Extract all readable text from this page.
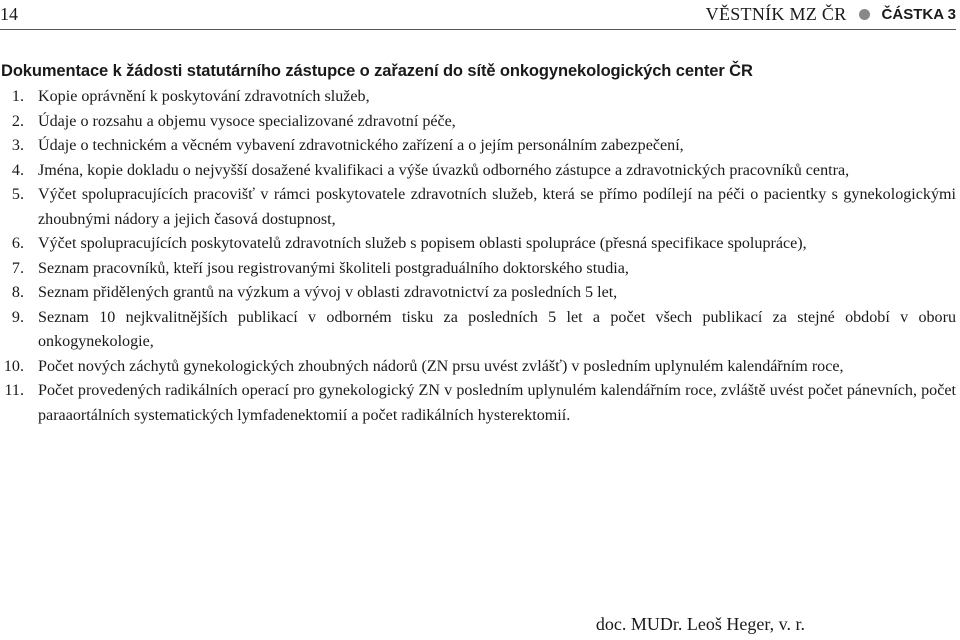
14	VĚSTNÍK MZ ČR ČÁSTKA 3
Dokumentace k žádosti statutárního zástupce o zařazení do sítě onkogynekologických center ČR
1. Kopie oprávnění k poskytování zdravotních služeb,
2. Údaje o rozsahu a objemu vysoce specializované zdravotní péče,
3. Údaje o technickém a věcném vybavení zdravotnického zařízení a o jejím personálním zabezpečení,
4. Jména, kopie dokladu o nejvyšší dosažené kvalifikaci a výše úvazků odborného zástupce a zdravotnických pracovníků centra,
5. Výčet spolupracujících pracovišť v rámci poskytovatele zdravotních služeb, která se přímo podílejí na péči o pacientky s gynekologickými zhoubnými nádory a jejich časová dostupnost,
6. Výčet spolupracujících poskytovatelů zdravotních služeb s popisem oblasti spolupráce (přesná specifikace spolupráce),
7. Seznam pracovníků, kteří jsou registrovanými školiteli postgraduálního doktorského studia,
8. Seznam přidělených grantů na výzkum a vývoj v oblasti zdravotnictví za posledních 5 let,
9. Seznam 10 nejkvalitnějších publikací v odborném tisku za posledních 5 let a počet všech publikací za stejné období v oboru onkogynekologie,
10. Počet nových záchytů gynekologických zhoubných nádorů (ZN prsu uvést zvlášť) v posledním uplynulém kalendářním roce,
11. Počet provedených radikálních operací pro gynekologický ZN v posledním uplynulém kalendářním roce, zvláště uvést počet pánevních, počet paraaortálních systematických lymfadenektomií a počet radikálních hysterektomií.
doc. MUDr. Leoš Heger, v. r.
